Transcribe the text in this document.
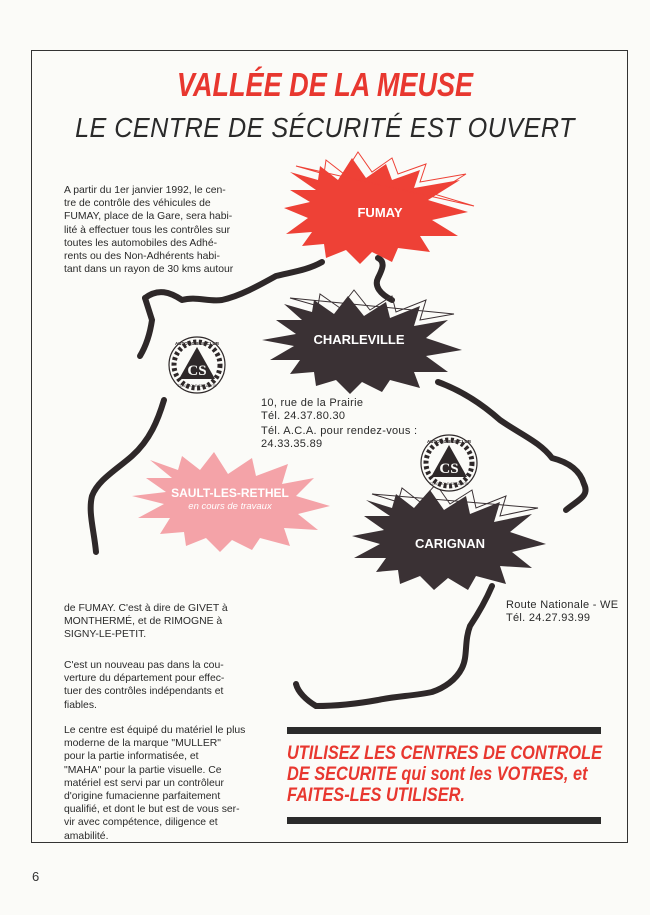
VALLÉE DE LA MEUSE
LE CENTRE DE SÉCURITÉ EST OUVERT
A partir du 1er janvier 1992, le cen-
tre de contrôle des véhicules de
FUMAY, place de la Gare, sera habi-
lité à effectuer tous les contrôles sur
toutes les automobiles des Adhé-
rents ou des Non-Adhérents habi-
tant dans un rayon de 30 kms autour
FUMAY
CHARLEVILLE
SAULT-LES-RETHEL
en cours de travaux
CARIGNAN
CS
AUTOMOBILE CLUB
CONTROLE SECURITE
CS
AUTOMOBILE CLUB
CONTROLE SECURITE
10, rue de la Prairie
Tél. 24.37.80.30
Tél. A.C.A. pour rendez-vous :
24.33.35.89
Route Nationale - WE
Tél. 24.27.93.99
de FUMAY. C'est à dire de GIVET à
MONTHERMÉ, et de RIMOGNE à
SIGNY-LE-PETIT.
C'est un nouveau pas dans la cou-
verture du département pour effec-
tuer des contrôles indépendants et
fiables.
Le centre est équipé du matériel le plus
moderne de la marque "MULLER"
pour la partie informatisée, et
"MAHA" pour la partie visuelle. Ce
matériel est servi par un contrôleur
d'origine fumacienne parfaitement
qualifié, et dont le but est de vous ser-
vir avec compétence, diligence et
amabilité.
UTILISEZ LES CENTRES DE CONTROLE
DE SECURITE qui sont les VOTRES, et
FAITES-LES UTILISER.
6
